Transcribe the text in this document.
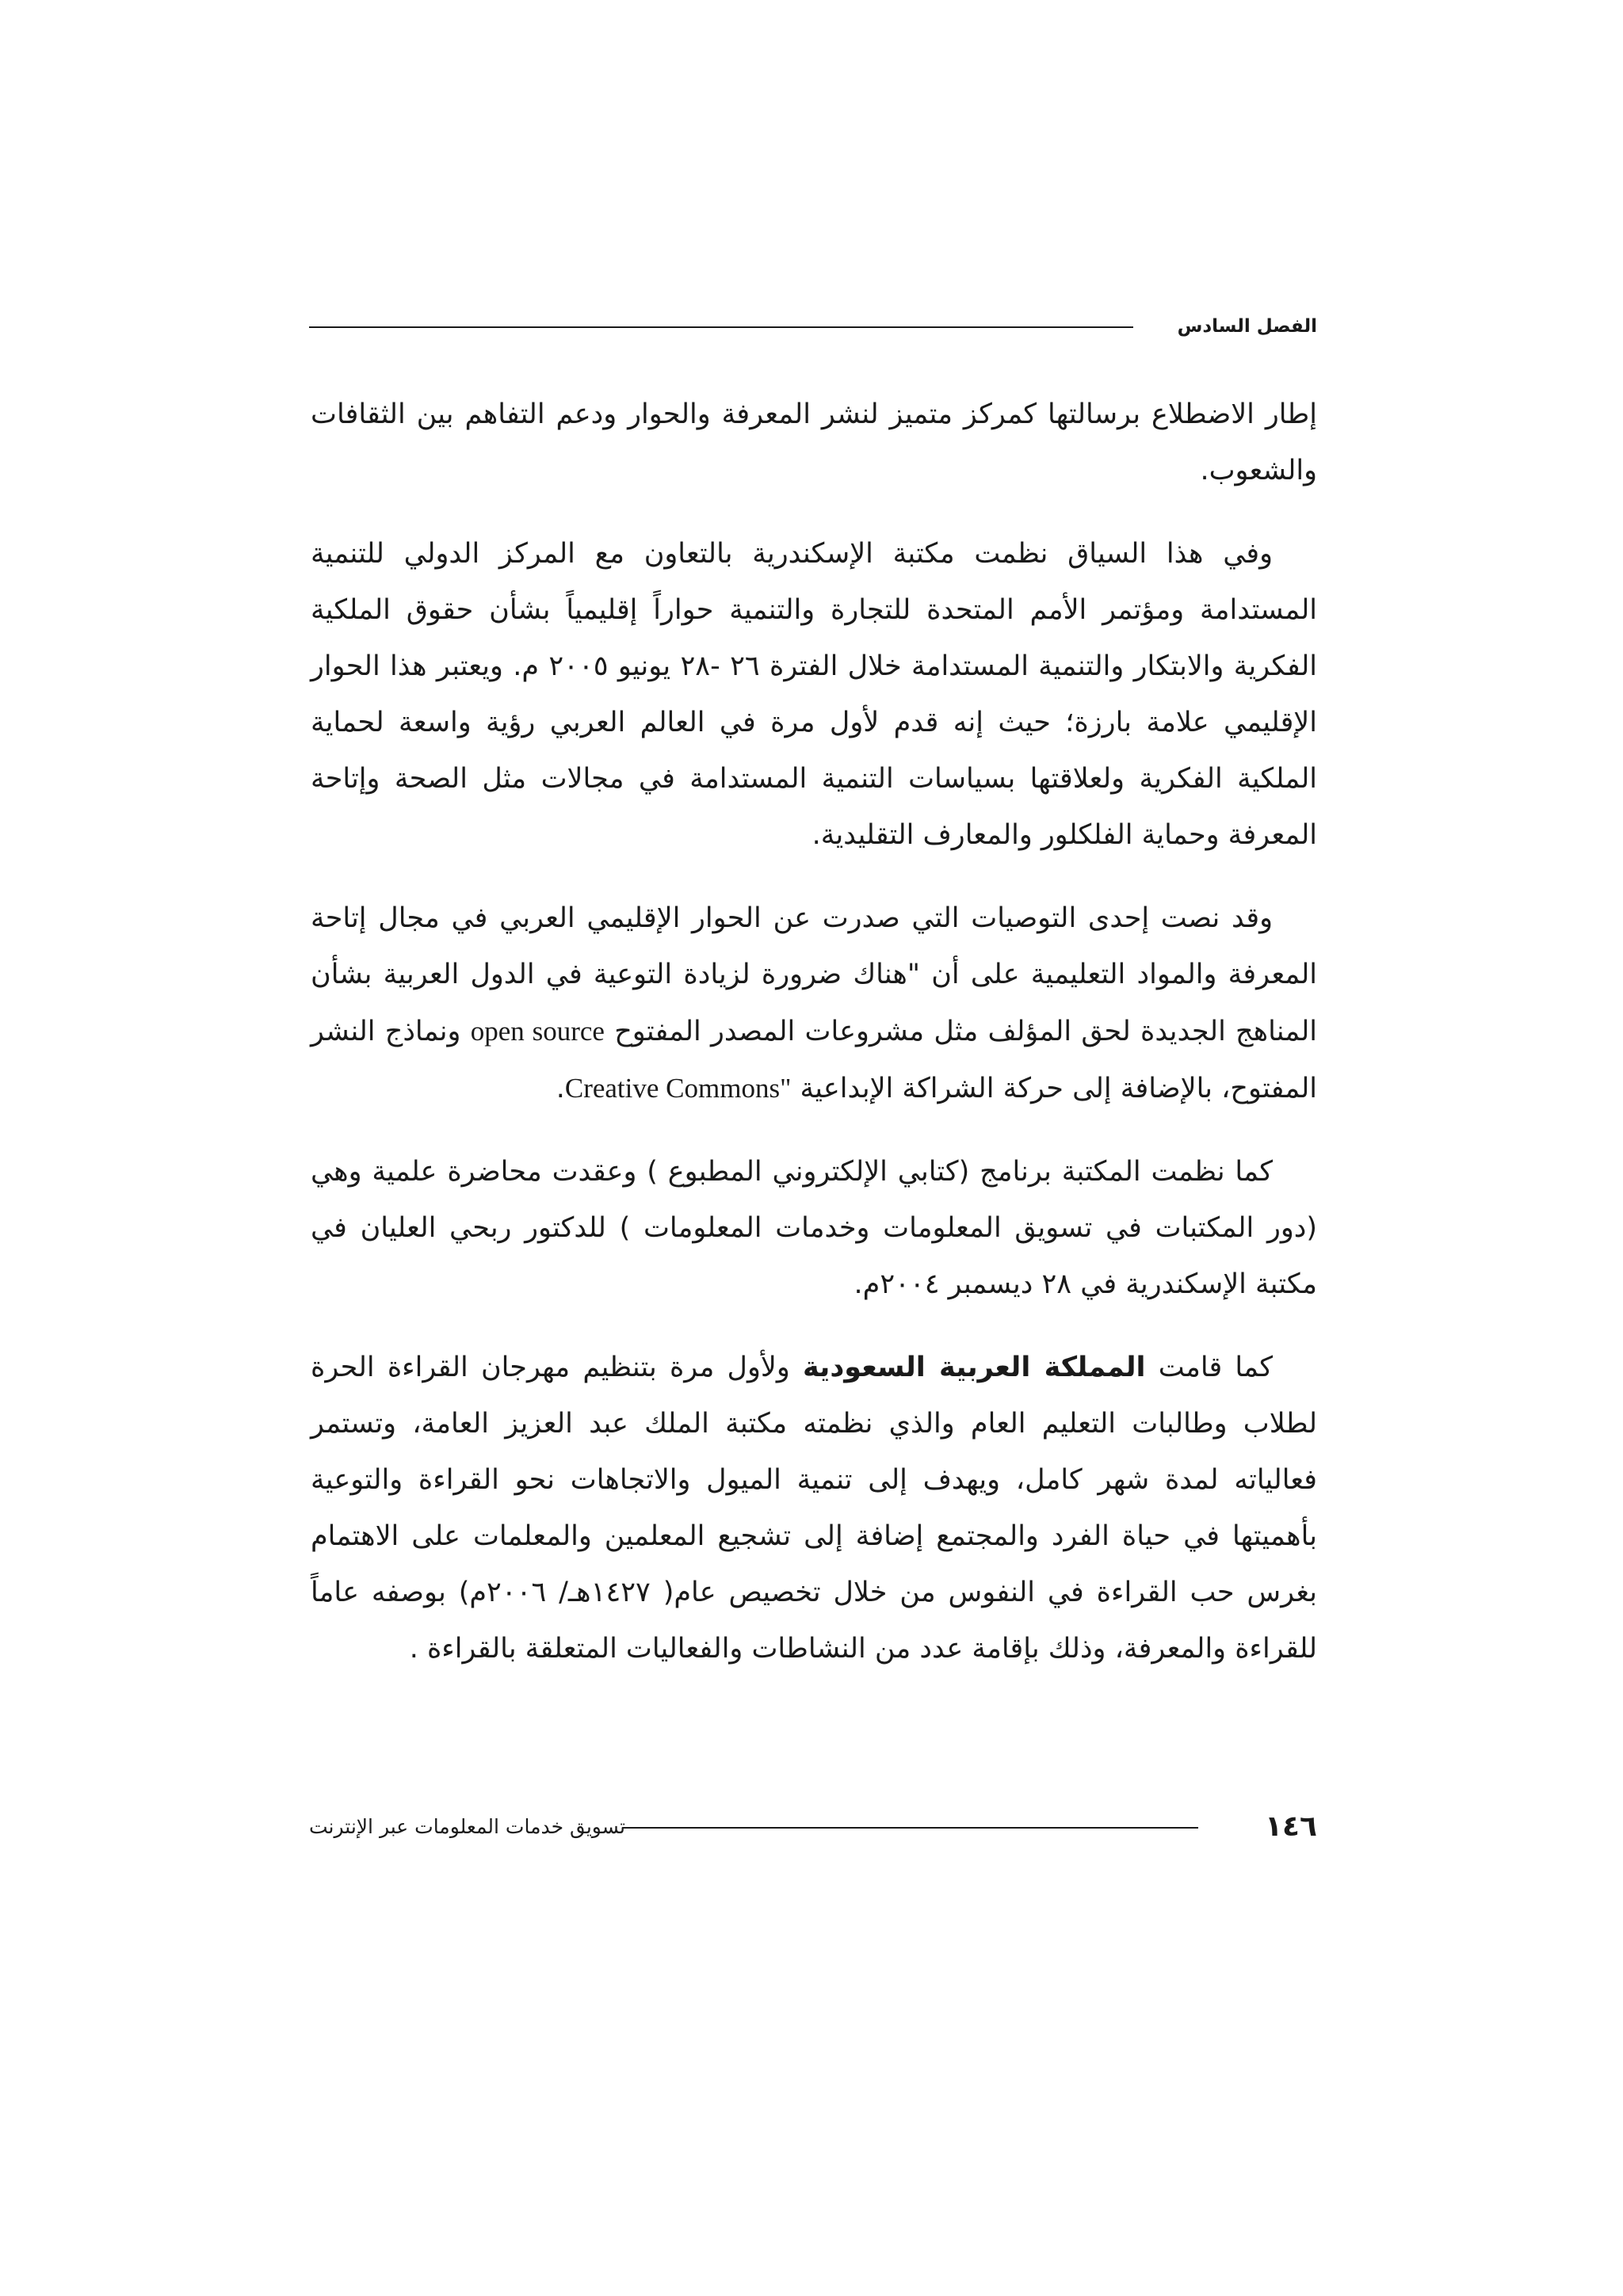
الفصل السادس

إطار الاضطلاع برسالتها كمركز متميز لنشر المعرفة والحوار ودعم التفاهم بين الثقافات والشعوب.

وفي هذا السياق نظمت مكتبة الإسكندرية بالتعاون مع المركز الدولي للتنمية المستدامة ومؤتمر الأمم المتحدة للتجارة والتنمية حواراً إقليمياً بشأن حقوق الملكية الفكرية والابتكار والتنمية المستدامة خلال الفترة ٢٦ -٢٨ يونيو ٢٠٠٥ م. ويعتبر هذا الحوار الإقليمي علامة بارزة؛ حيث إنه قدم لأول مرة في العالم العربي رؤية واسعة لحماية الملكية الفكرية ولعلاقتها بسياسات التنمية المستدامة في مجالات مثل الصحة وإتاحة المعرفة وحماية الفلكلور والمعارف التقليدية.

وقد نصت إحدى التوصيات التي صدرت عن الحوار الإقليمي العربي في مجال إتاحة المعرفة والمواد التعليمية على أن "هناك ضرورة لزيادة التوعية في الدول العربية بشأن المناهج الجديدة لحق المؤلف مثل مشروعات المصدر المفتوح open source ونماذج النشر المفتوح، بالإضافة إلى حركة الشراكة الإبداعية Creative Commons".

كما نظمت المكتبة برنامج (كتابي الإلكتروني المطبوع ) وعقدت محاضرة علمية وهي (دور المكتبات في تسويق المعلومات وخدمات المعلومات ) للدكتور ربحي العليان في مكتبة الإسكندرية في ٢٨ ديسمبر ٢٠٠٤م.

كما قامت المملكة العربية السعودية ولأول مرة بتنظيم مهرجان القراءة الحرة لطلاب وطالبات التعليم العام والذي نظمته مكتبة الملك عبد العزيز العامة، وتستمر فعالياته لمدة شهر كامل، ويهدف إلى تنمية الميول والاتجاهات نحو القراءة والتوعية بأهميتها في حياة الفرد والمجتمع إضافة إلى تشجيع المعلمين والمعلمات على الاهتمام بغرس حب القراءة في النفوس من خلال تخصيص عام( ١٤٢٧هـ/ ٢٠٠٦م) بوصفه عاماً للقراءة والمعرفة، وذلك بإقامة عدد من النشاطات والفعاليات المتعلقة بالقراءة .

١٤٦
تسويق خدمات المعلومات عبر الإنترنت
